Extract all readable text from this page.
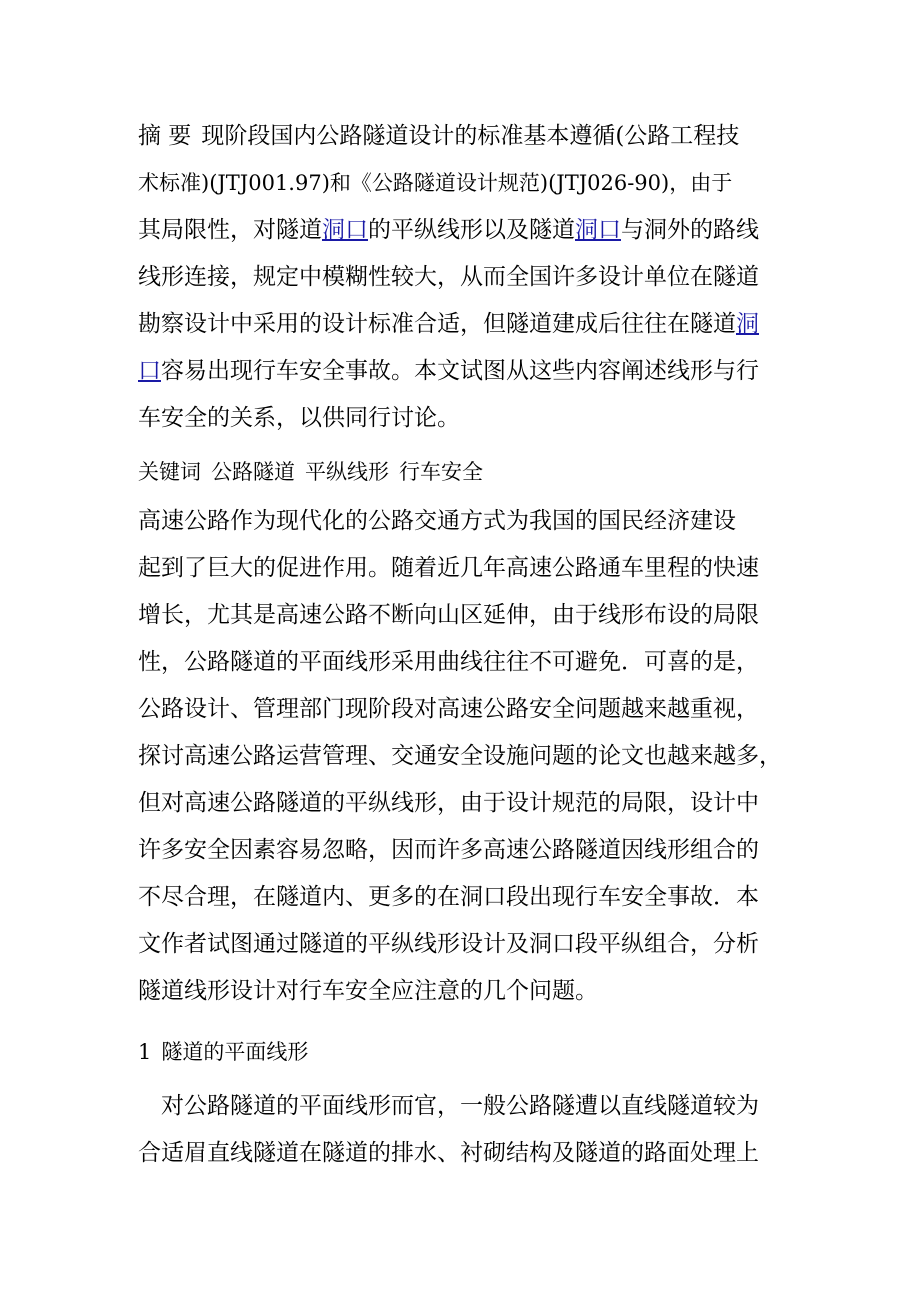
摘 要 现阶段国内公路隧道设计的标准基本遵循(公路工程技
术标准)(JTJ001.97)和《公路隧道设计规范)(JTJ026-90)，由于
其局限性，对隧道洞口的平纵线形以及隧道洞口与洞外的路线
线形连接，规定中模糊性较大，从而全国许多设计单位在隧道
勘察设计中采用的设计标准合适，但隧道建成后往往在隧道洞
口容易出现行车安全事故。本文试图从这些内容阐述线形与行
车安全的关系，以供同行讨论。
关键词 公路隧道 平纵线形 行车安全
高速公路作为现代化的公路交通方式为我国的国民经济建设
起到了巨大的促进作用。随着近几年高速公路通车里程的快速
增长，尤其是高速公路不断向山区延伸，由于线形布设的局限
性，公路隧道的平面线形采用曲线往往不可避免．可喜的是，
公路设计、管理部门现阶段对高速公路安全问题越来越重视，
探讨高速公路运营管理、交通安全设施问题的论文也越来越多，
但对高速公路隧道的平纵线形，由于设计规范的局限，设计中
许多安全因素容易忽略，因而许多高速公路隧道因线形组合的
不尽合理，在隧道内、更多的在洞口段出现行车安全事故．本
文作者试图通过隧道的平纵线形设计及洞口段平纵组合，分析
隧道线形设计对行车安全应注意的几个问题。
1 隧道的平面线形
对公路隧道的平面线形而官，一般公路隧遭以直线隧道较为
合适眉直线隧道在隧道的排水、衬砌结构及隧道的路面处理上
